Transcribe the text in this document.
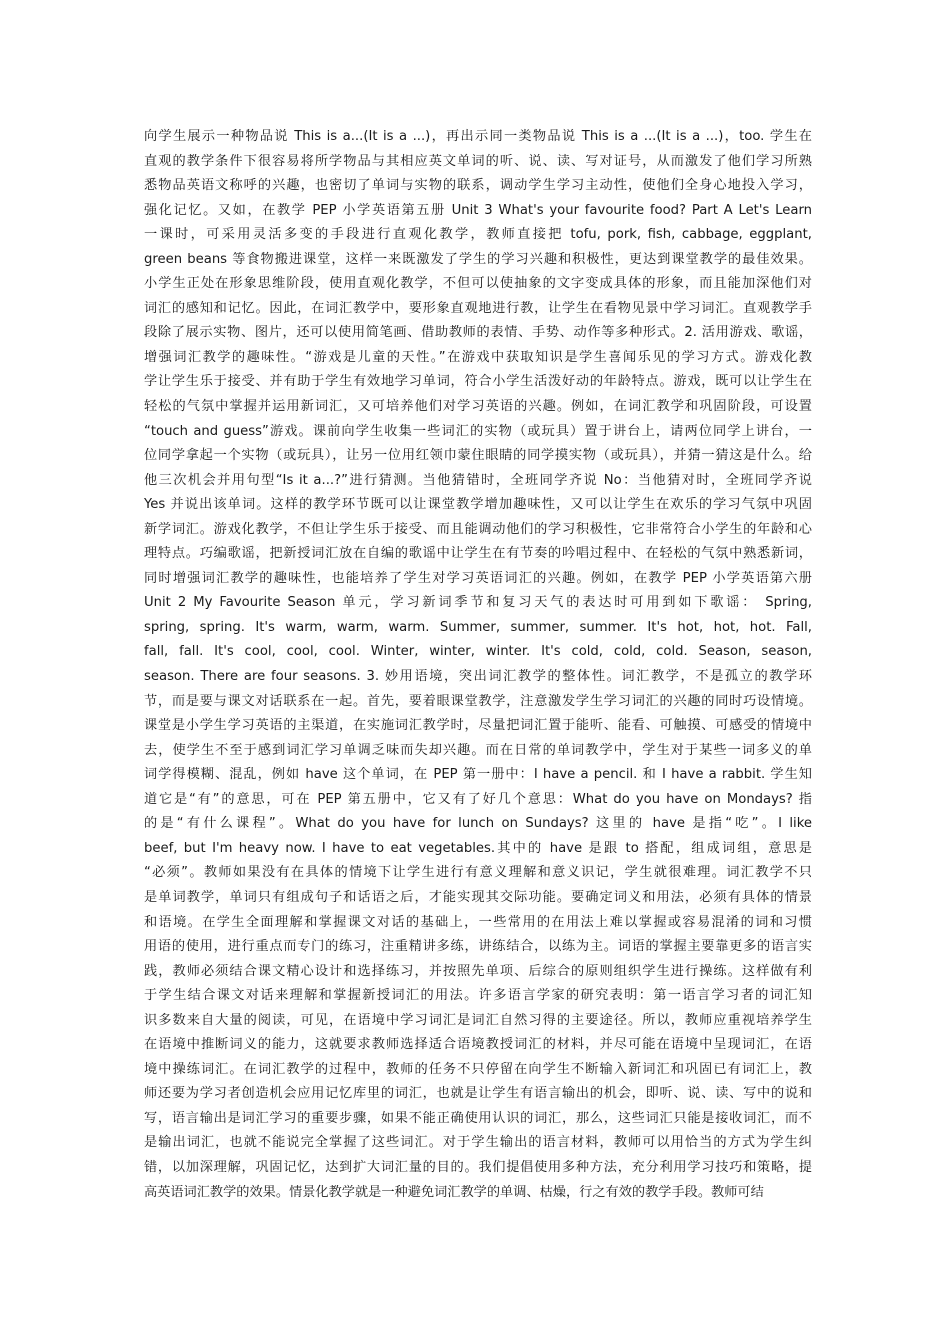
向学生展示一种物品说 This is a...(It is a ...)，再出示同一类物品说 This is a ...(It is a ...)，too. 学生在
直观的教学条件下很容易将所学物品与其相应英文单词的听、说、读、写对证号，从而激发了他们学习所熟
悉物品英语文称呼的兴趣，也密切了单词与实物的联系，调动学生学习主动性，使他们全身心地投入学习，
强化记忆。又如，在教学 PEP 小学英语第五册 Unit 3 What's your favourite food? Part A Let's Learn
一课时，可采用灵活多变的手段进行直观化教学，教师直接把 tofu, pork, fish, cabbage, eggplant,
green beans 等食物搬进课堂，这样一来既激发了学生的学习兴趣和积极性，更达到课堂教学的最佳效果。
小学生正处在形象思维阶段，使用直观化教学，不但可以使抽象的文字变成具体的形象，而且能加深他们对
词汇的感知和记忆。因此，在词汇教学中，要形象直观地进行教，让学生在看物见景中学习词汇。直观教学手
段除了展示实物、图片，还可以使用简笔画、借助教师的表情、手势、动作等多种形式。2. 活用游戏、歌谣，
增强词汇教学的趣味性。“游戏是儿童的天性。”在游戏中获取知识是学生喜闻乐见的学习方式。游戏化教
学让学生乐于接受、并有助于学生有效地学习单词，符合小学生活泼好动的年龄特点。游戏，既可以让学生在
轻松的气氛中掌握并运用新词汇，又可培养他们对学习英语的兴趣。例如，在词汇教学和巩固阶段，可设置
“touch and guess”游戏。课前向学生收集一些词汇的实物（或玩具）置于讲台上，请两位同学上讲台，一
位同学拿起一个实物（或玩具），让另一位用红领巾蒙住眼睛的同学摸实物（或玩具），并猜一猜这是什么。给
他三次机会并用句型“Is it a...?”进行猜测。当他猜错时，全班同学齐说 No：当他猜对时，全班同学齐说
Yes 并说出该单词。这样的教学环节既可以让课堂教学增加趣味性，又可以让学生在欢乐的学习气氛中巩固
新学词汇。游戏化教学，不但让学生乐于接受、而且能调动他们的学习积极性，它非常符合小学生的年龄和心
理特点。巧编歌谣，把新授词汇放在自编的歌谣中让学生在有节奏的吟唱过程中、在轻松的气氛中熟悉新词，
同时增强词汇教学的趣味性，也能培养了学生对学习英语词汇的兴趣。例如，在教学 PEP 小学英语第六册
Unit 2 My Favourite Season 单元，学习新词季节和复习天气的表达时可用到如下歌谣： Spring,
spring, spring. It's warm, warm, warm. Summer, summer, summer. It's hot, hot, hot. Fall,
fall, fall. It's cool, cool, cool. Winter, winter, winter. It's cold, cold, cold. Season, season,
season. There are four seasons. 3. 妙用语境，突出词汇教学的整体性。词汇教学，不是孤立的教学环
节，而是要与课文对话联系在一起。首先，要着眼课堂教学，注意激发学生学习词汇的兴趣的同时巧设情境。
课堂是小学生学习英语的主渠道，在实施词汇教学时，尽量把词汇置于能听、能看、可触摸、可感受的情境中
去，使学生不至于感到词汇学习单调乏味而失却兴趣。而在日常的单词教学中，学生对于某些一词多义的单
词学得模糊、混乱，例如 have 这个单词，在 PEP 第一册中：I have a pencil. 和 I have a rabbit. 学生知
道它是“有”的意思，可在 PEP 第五册中，它又有了好几个意思：What do you have on Mondays? 指
的是“有什么课程”。What do you have for lunch on Sundays? 这里的 have 是指“吃”。I like
beef, but I'm heavy now. I have to eat vegetables.其中的 have 是跟 to 搭配，组成词组，意思是
“必须”。教师如果没有在具体的情境下让学生进行有意义理解和意义识记，学生就很难理。词汇教学不只
是单词教学，单词只有组成句子和话语之后，才能实现其交际功能。要确定词义和用法，必须有具体的情景
和语境。在学生全面理解和掌握课文对话的基础上，一些常用的在用法上难以掌握或容易混淆的词和习惯
用语的使用，进行重点而专门的练习，注重精讲多练，讲练结合，以练为主。词语的掌握主要靠更多的语言实
践，教师必须结合课文精心设计和选择练习，并按照先单项、后综合的原则组织学生进行操练。这样做有利
于学生结合课文对话来理解和掌握新授词汇的用法。许多语言学家的研究表明：第一语言学习者的词汇知
识多数来自大量的阅读，可见，在语境中学习词汇是词汇自然习得的主要途径。所以，教师应重视培养学生
在语境中推断词义的能力，这就要求教师选择适合语境教授词汇的材料，并尽可能在语境中呈现词汇，在语
境中操练词汇。在词汇教学的过程中，教师的任务不只停留在向学生不断输入新词汇和巩固已有词汇上，教
师还要为学习者创造机会应用记忆库里的词汇，也就是让学生有语言输出的机会，即听、说、读、写中的说和
写，语言输出是词汇学习的重要步骤，如果不能正确使用认识的词汇，那么，这些词汇只能是接收词汇，而不
是输出词汇，也就不能说完全掌握了这些词汇。对于学生输出的语言材料，教师可以用恰当的方式为学生纠
错，以加深理解，巩固记忆，达到扩大词汇量的目的。我们提倡使用多种方法，充分利用学习技巧和策略，提
高英语词汇教学的效果。情景化教学就是一种避免词汇教学的单调、枯燥，行之有效的教学手段。教师可结
